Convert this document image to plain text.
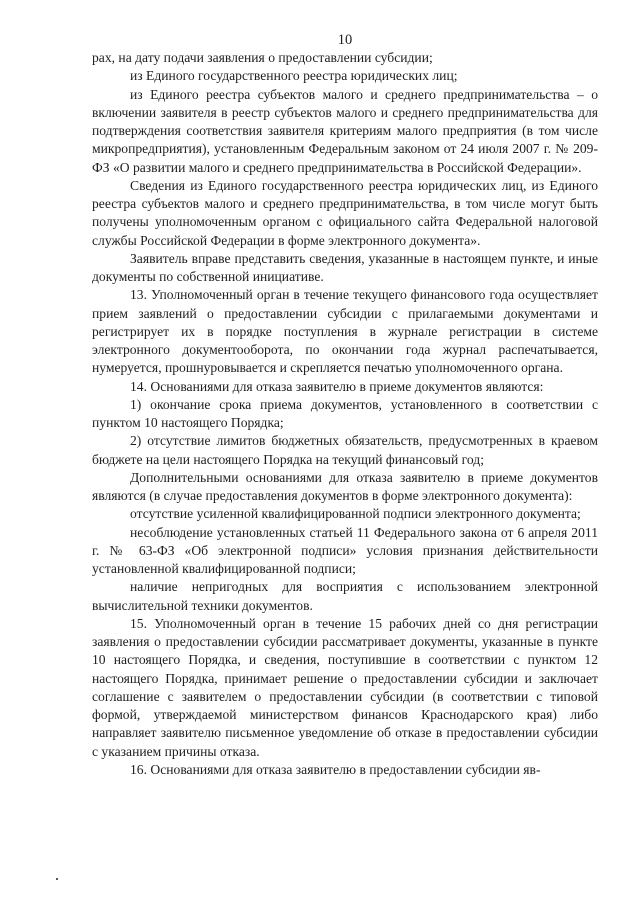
10

рах, на дату подачи заявления о предоставлении субсидии;

из Единого государственного реестра юридических лиц;

из Единого реестра субъектов малого и среднего предпринимательства – о включении заявителя в реестр субъектов малого и среднего предпринимательства для подтверждения соответствия заявителя критериям малого предприятия (в том числе микропредприятия), установленным Федеральным законом от 24 июля 2007 г. № 209-ФЗ «О развитии малого и среднего предпринимательства в Российской Федерации».

Сведения из Единого государственного реестра юридических лиц, из Единого реестра субъектов малого и среднего предпринимательства, в том числе могут быть получены уполномоченным органом с официального сайта Федеральной налоговой службы Российской Федерации в форме электронного документа».

Заявитель вправе представить сведения, указанные в настоящем пункте, и иные документы по собственной инициативе.

13. Уполномоченный орган в течение текущего финансового года осуществляет прием заявлений о предоставлении субсидии с прилагаемыми документами и регистрирует их в порядке поступления в журнале регистрации в системе электронного документооборота, по окончании года журнал распечатывается, нумеруется, прошнуровывается и скрепляется печатью уполномоченного органа.

14. Основаниями для отказа заявителю в приеме документов являются:

1) окончание срока приема документов, установленного в соответствии с пунктом 10 настоящего Порядка;

2) отсутствие лимитов бюджетных обязательств, предусмотренных в краевом бюджете на цели настоящего Порядка на текущий финансовый год;

Дополнительными основаниями для отказа заявителю в приеме документов являются (в случае предоставления документов в форме электронного документа):

отсутствие усиленной квалифицированной подписи электронного документа;

несоблюдение установленных статьей 11 Федерального закона от 6 апреля 2011 г. № 63-ФЗ «Об электронной подписи» условия признания действительности установленной квалифицированной подписи;

наличие непригодных для восприятия с использованием электронной вычислительной техники документов.

15. Уполномоченный орган в течение 15 рабочих дней со дня регистрации заявления о предоставлении субсидии рассматривает документы, указанные в пункте 10 настоящего Порядка, и сведения, поступившие в соответствии с пунктом 12 настоящего Порядка, принимает решение о предоставлении субсидии и заключает соглашение с заявителем о предоставлении субсидии (в соответствии с типовой формой, утверждаемой министерством финансов Краснодарского края) либо направляет заявителю письменное уведомление об отказе в предоставлении субсидии с указанием причины отказа.

16. Основаниями для отказа заявителю в предоставлении субсидии яв-
